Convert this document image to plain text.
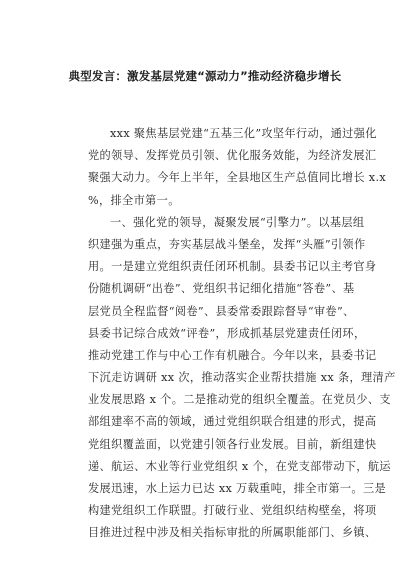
典型发言：激发基层党建“源动力”推动经济稳步增长
xxx 聚焦基层党建“五基三化”攻坚年行动，通过强化
党的领导、发挥党员引领、优化服务效能，为经济发展汇
聚强大动力。今年上半年，全县地区生产总值同比增长 x.x
%，排全市第一。
一、强化党的领导，凝聚发展“引擎力”。以基层组
织建强为重点，夯实基层战斗堡垒，发挥“头雁”引领作
用。一是建立党组织责任闭环机制。县委书记以主考官身
份随机调研“出卷”、党组织书记细化措施“答卷”、基
层党员全程监督“阅卷”、县委常委跟踪督导“审卷”、
县委书记综合成效“评卷”，形成抓基层党建责任闭环，
推动党建工作与中心工作有机融合。今年以来，县委书记
下沉走访调研 xx 次，推动落实企业帮扶措施 xx 条，理清产
业发展思路 x 个。二是推动党的组织全覆盖。在党员少、支
部组建率不高的领域，通过党组织联合组建的形式，提高
党组织覆盖面，以党建引领各行业发展。目前，新组建快
递、航运、木业等行业党组织 x 个，在党支部带动下，航运
发展迅速，水上运力已达 xx 万载重吨，排全市第一。三是
构建党组织工作联盟。打破行业、党组织结构壁垒，将项
目推进过程中涉及相关指标审批的所属职能部门、乡镇、
